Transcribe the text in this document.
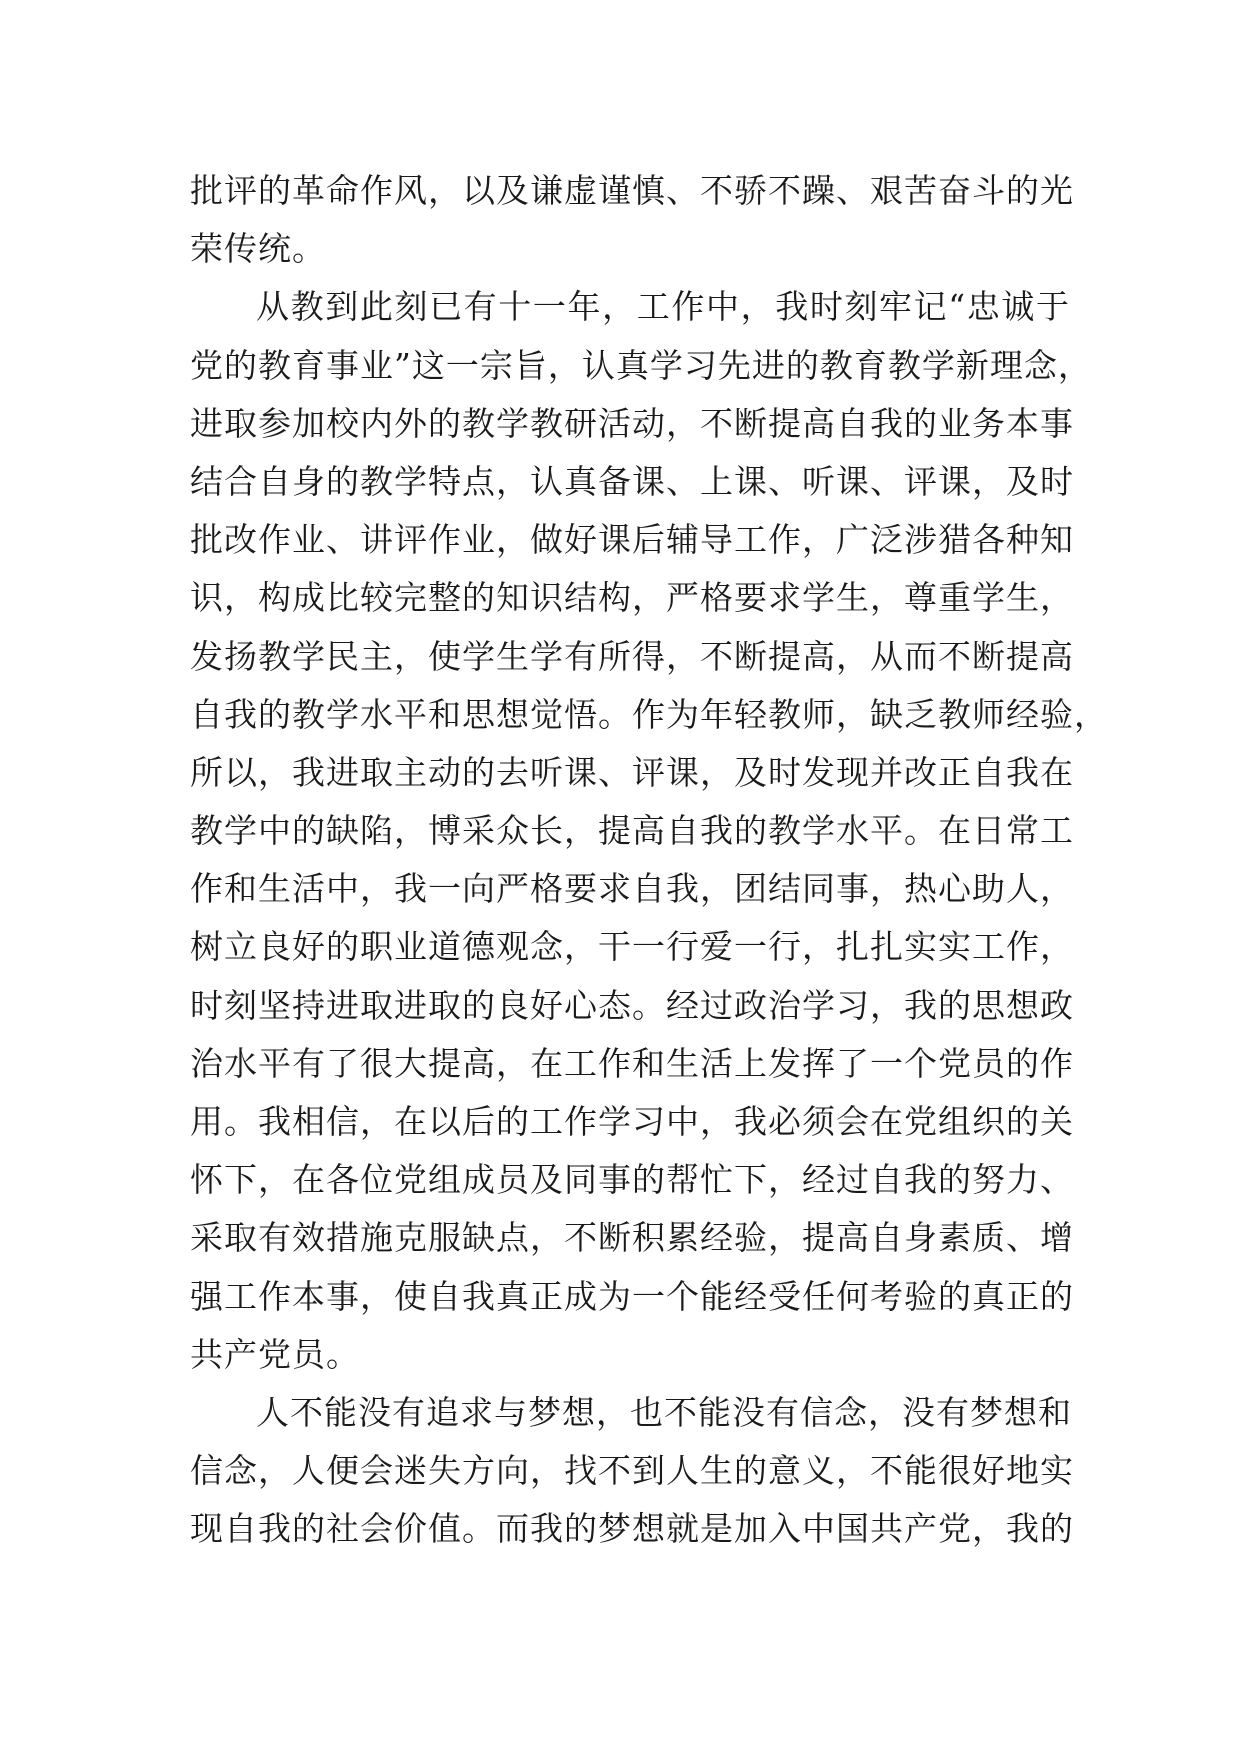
批评的革命作风，以及谦虚谨慎、不骄不躁、艰苦奋斗的光
荣传统。
从教到此刻已有十一年，工作中，我时刻牢记“忠诚于
党的教育事业”这一宗旨，认真学习先进的教育教学新理念，
进取参加校内外的教学教研活动，不断提高自我的业务本事
结合自身的教学特点，认真备课、上课、听课、评课，及时
批改作业、讲评作业，做好课后辅导工作，广泛涉猎各种知
识，构成比较完整的知识结构，严格要求学生，尊重学生，
发扬教学民主，使学生学有所得，不断提高，从而不断提高
自我的教学水平和思想觉悟。作为年轻教师，缺乏教师经验，
所以，我进取主动的去听课、评课，及时发现并改正自我在
教学中的缺陷，博采众长，提高自我的教学水平。在日常工
作和生活中，我一向严格要求自我，团结同事，热心助人，
树立良好的职业道德观念，干一行爱一行，扎扎实实工作，
时刻坚持进取进取的良好心态。经过政治学习，我的思想政
治水平有了很大提高，在工作和生活上发挥了一个党员的作
用。我相信，在以后的工作学习中，我必须会在党组织的关
怀下，在各位党组成员及同事的帮忙下，经过自我的努力、
采取有效措施克服缺点，不断积累经验，提高自身素质、增
强工作本事，使自我真正成为一个能经受任何考验的真正的
共产党员。
人不能没有追求与梦想，也不能没有信念，没有梦想和
信念，人便会迷失方向，找不到人生的意义，不能很好地实
现自我的社会价值。而我的梦想就是加入中国共产党，我的
